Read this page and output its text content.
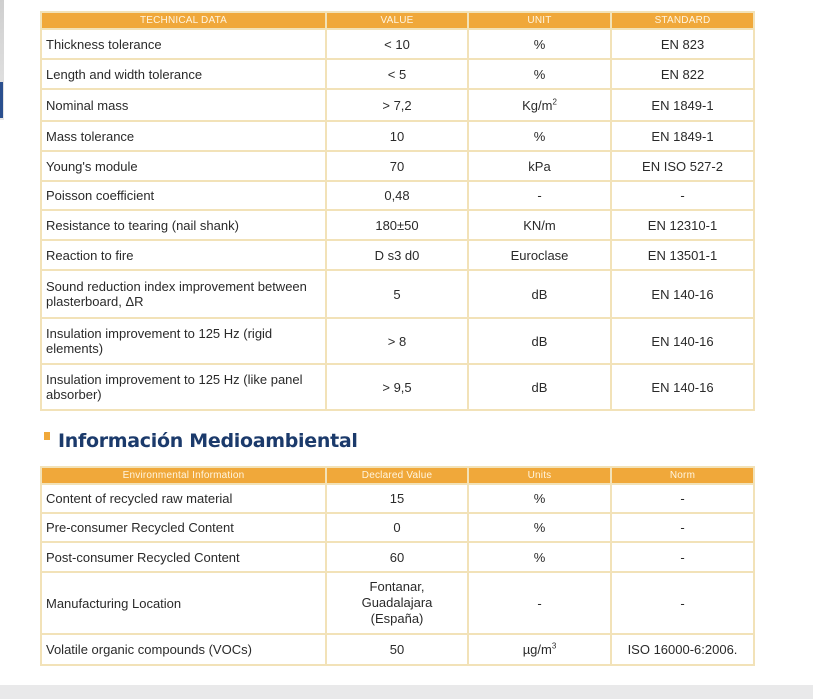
TECHNICAL DATA	VALUE	UNIT	STANDARD
Thickness tolerance	< 10	%	EN 823
Length and width tolerance	< 5	%	EN 822
Nominal mass	> 7,2	$Kg/m^2$	EN 1849-1
Mass tolerance	10	%	EN 1849-1
Young's module	70	kPa	EN ISO 527-2
Poisson coefficient	0,48	-	-
Resistance to tearing (nail shank)	180±50	KN/m	EN 12310-1
Reaction to fire	D s3 d0	Euroclase	EN 13501-1
Sound reduction index improvement between plasterboard, ΔR	5	dB	EN 140-16
Insulation improvement to 125 Hz (rigid elements)	> 8	dB	EN 140-16
Insulation improvement to 125 Hz (like panel absorber)	> 9,5	dB	EN 140-16
Información Medioambiental
Environmental Information	Declared Value	Units	Norm
Content of recycled raw material	15	%	-
Pre-consumer Recycled Content	0	%	-
Post-consumer Recycled Content	60	%	-
Manufacturing Location	Fontanar, Guadalajara (España)	-	-
Volatile organic compounds (VOCs)	50	$\mu g/m^3$	ISO 16000-6:2006.
